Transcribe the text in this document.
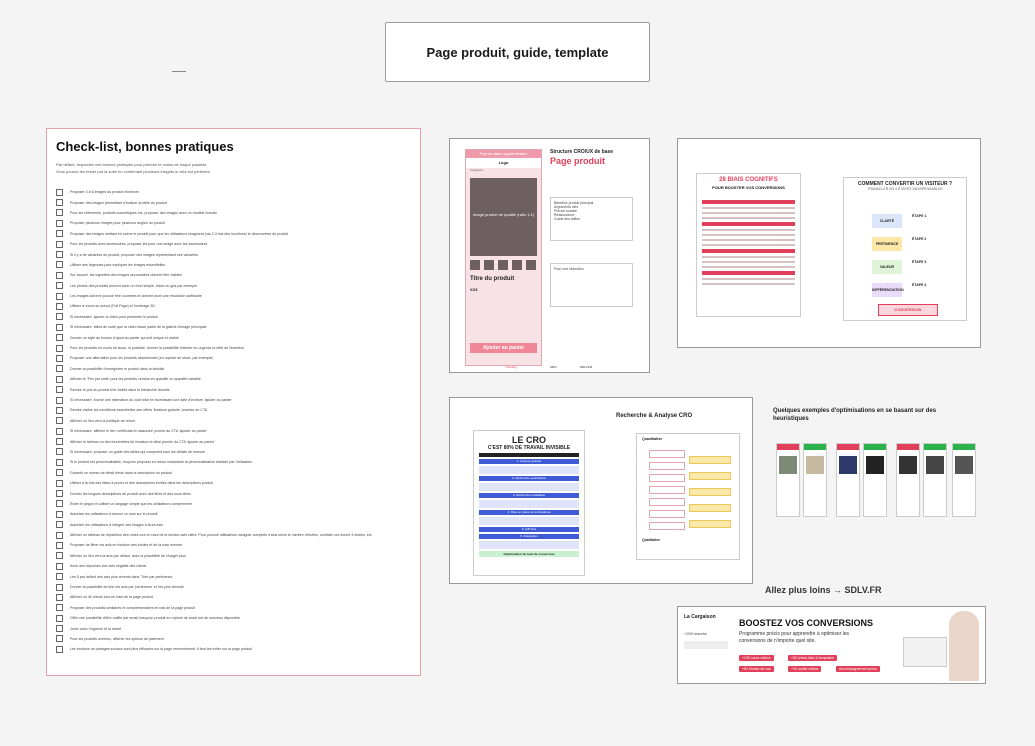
Page produit, guide, template
Check-list, bonnes pratiques
Par défaut, respectez ces bonnes pratiques pour prendre le moins de risque possible.
Vous pouvez les tester par la suite en confirmant plusieurs insights si cela est pertinent.
Proposer 4 à 6 images du produit minimum
Proposer des images permettant d'évaluer la taille du produit
Pour les vêtements, produits cosmétiques etc, proposer des images avec un modèle humain
Proposer plusieurs images pour plusieurs angles du produit
Proposer des images mettant en scène le produit pour que les utilisateurs imaginent (via 2-3 fois des fonctions) le découvertes du produit
Pour les produits avec accessoires, proposer les pour une image avec les accessoires
Si il y a de variantes du produit, proposer des images représentant ces variantes
Utiliser des légendes pour expliquer les images essentielles
Sur accueil, les vignettes des images secondaires doivent être visibles
Les photos des produits doivent avoir un fond simple, blanc ou gris par exemple
Les images doivent pouvoir être zoomées et doivent avoir une résolution suffisante
Utiliser le zoom au survol (Full Page) et l'ombrage 3D
Si nécessaire, ajouter la vidéo pour présenter le produit
Si nécessaire, faites de sorte que la vidéo fasse partie de la galerie d'image principale
Donner un style au bouton d'ajout au panier qui soit unique et visible
Pour les produits en cours de stock, si possible, donner la possibilité d'alerter en urgence la rélié de l'insertion
Proposer une alternative pour les produits abandonnés (en rupture de stock, par exemple)
Donner la possibilité d'enregistrer le produit dans la wishlist
Afficher le 'Prix par unité' pour les produits vendus en quantité ou quantité variable
Rendre le prix du produit très visible dans la hiérarchie visuelle
Si nécessaire, fournir une estimation du coût total en fournissant une date d'écriture 'ajouter au panier'
Rendre visible les conditions essentielles des offres 'livraison gratuite' proches du CTA
Afficher un lien vers la politique de retour
Si nécessaire, afficher le lien 'certificats et rassurant' proche du CTA 'ajouter au panier'
Afficher le tableau ou des fourchettes de livraison et délai proche du CTA 'ajouter au panier'
Si nécessaire, proposer un guide des tailles qui comprend tous les détails de mesure
Si le produit est personnalisable, toujours proposer en retour instantané la personnalisation réalisée par l'utilisateur
Garantir un niveau de détail élevé dans la description du produit
Utiliser à la fois des listes à puces et des descriptions écrites dans les descriptions produit
Donner les longues descriptions de produit avec des titres et des sous-titres
Éviter le jargon et utiliser un langage simple que les utilisateurs comprennent
Autoriser les utilisateurs à donner un avis sur le produit
Autoriser les utilisateurs à intégrer des images à leurs avis
Afficher un tableau de répartition des notes tout en haut de la section avis client. Pour pouvoir utilisateurs naviguer complets d'avis selon le nombre d'étoiles, combien ont donné 4 étoiles, etc.
Proposer de filtrer les avis en fonction des étoiles et de la note donnée
Afficher un lien vers la avis par défaut, avec la possibilité de charger plus
Avoir des réponses aux avis négatifs des clients
Les 5 par défaut des avis plus récents dans 'Trier par pertinence'
Donner la possibilité de trier les avis par 'pertinence' et 'les plus récents'
Afficher un lié d'avoir tout en haut de la page produit
Proposer des produits similaires et complémentaires en bas de la page produit
Offrir une possibilité d'être notifié par email lorsqu'un produit en rupture de stock est de nouveau disponible
Jouer avec l'urgence et la rareté
Pour les produits onéreux, afficher les options de paiement
Les boutons de partages sociaux sont plus efficaces sur la page remerciement. Il faut les éviter sur la page produit
Prop de valeur supplémentaire
Logo
Catégorie
Image produit de qualité (ratio 1:1)
Titre du produit
XX€
Ajouter au panier
Structure CRO/UX de base
Page produit
Bénéfice produit principal
Arguments clés
Preuve sociale
Réassurance
Guide des tailles
Pour une réduction
Trending	CRO	SDLV.FR
28 BIAIS COGNITIFS
POUR BOOSTER VOS CONVERSIONS
COMMENT CONVERTIR UN VISITEUR ?
TRAVAILLER EN 4 ÉTAPES INDISPENSABLES
CLARTÉ
PERTINENCE
VALEUR
DIFFÉRENCIATION
ÉTAPE 1
ÉTAPE 2
ÉTAPE 3
ÉTAPE 4
CONVERSION
LE CRO
C'EST 80% DE TRAVAIL INVISIBLE
1. Analyse globale
2. Recherche quantitative
3. Recherche qualitative
4. Mise en place de la Roadmap
5. A/B Test
6. Intégration
Optimisation du taux de conversion
Recherche & Analyse CRO
Quantitative
Qualitative
Quelques exemples d'optimisations en se basant sur des heuristiques
Allez plus loins → SDLV.FR
La Cargaison
+200 inscrits
BOOSTEZ VOS CONVERSIONS
Programme précis pour apprendre à optimiser les conversions de n'importe quel site.
+100 cours vidéos	+30 check-lists & templates
+50 études de cas	+40 audits vidéos	Accompagnement perso
